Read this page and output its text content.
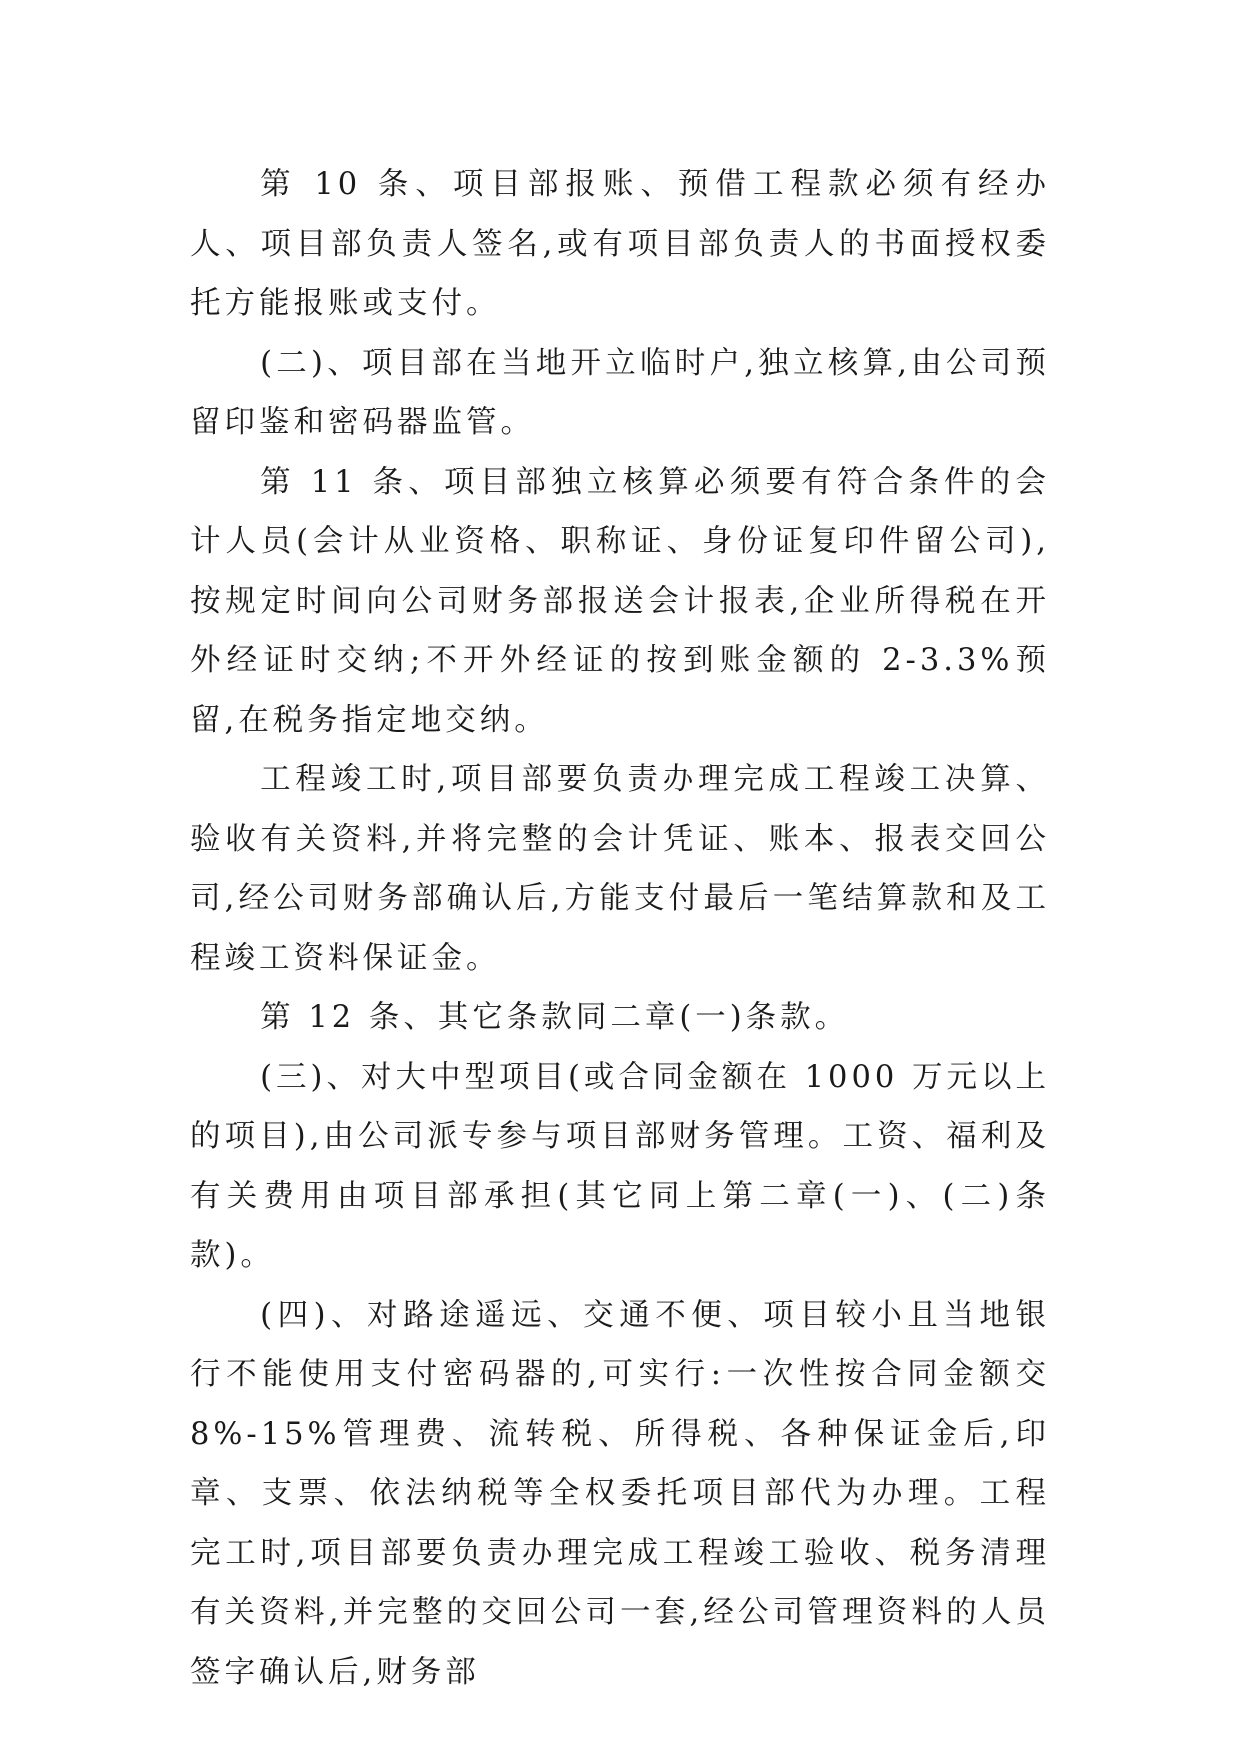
第 10 条、项目部报账、预借工程款必须有经办人、项目部负责人签名,或有项目部负责人的书面授权委托方能报账或支付。

(二)、项目部在当地开立临时户,独立核算,由公司预留印鉴和密码器监管。

第 11 条、项目部独立核算必须要有符合条件的会计人员(会计从业资格、职称证、身份证复印件留公司),按规定时间向公司财务部报送会计报表,企业所得税在开外经证时交纳;不开外经证的按到账金额的 2-3.3%预留,在税务指定地交纳。

工程竣工时,项目部要负责办理完成工程竣工决算、验收有关资料,并将完整的会计凭证、账本、报表交回公司,经公司财务部确认后,方能支付最后一笔结算款和及工程竣工资料保证金。

第 12 条、其它条款同二章(一)条款。

(三)、对大中型项目(或合同金额在 1000 万元以上的项目),由公司派专参与项目部财务管理。工资、福利及有关费用由项目部承担(其它同上第二章(一)、(二)条款)。

(四)、对路途遥远、交通不便、项目较小且当地银行不能使用支付密码器的,可实行:一次性按合同金额交 8%-15%管理费、流转税、所得税、各种保证金后,印章、支票、依法纳税等全权委托项目部代为办理。工程完工时,项目部要负责办理完成工程竣工验收、税务清理有关资料,并完整的交回公司一套,经公司管理资料的人员签字确认后,财务部
